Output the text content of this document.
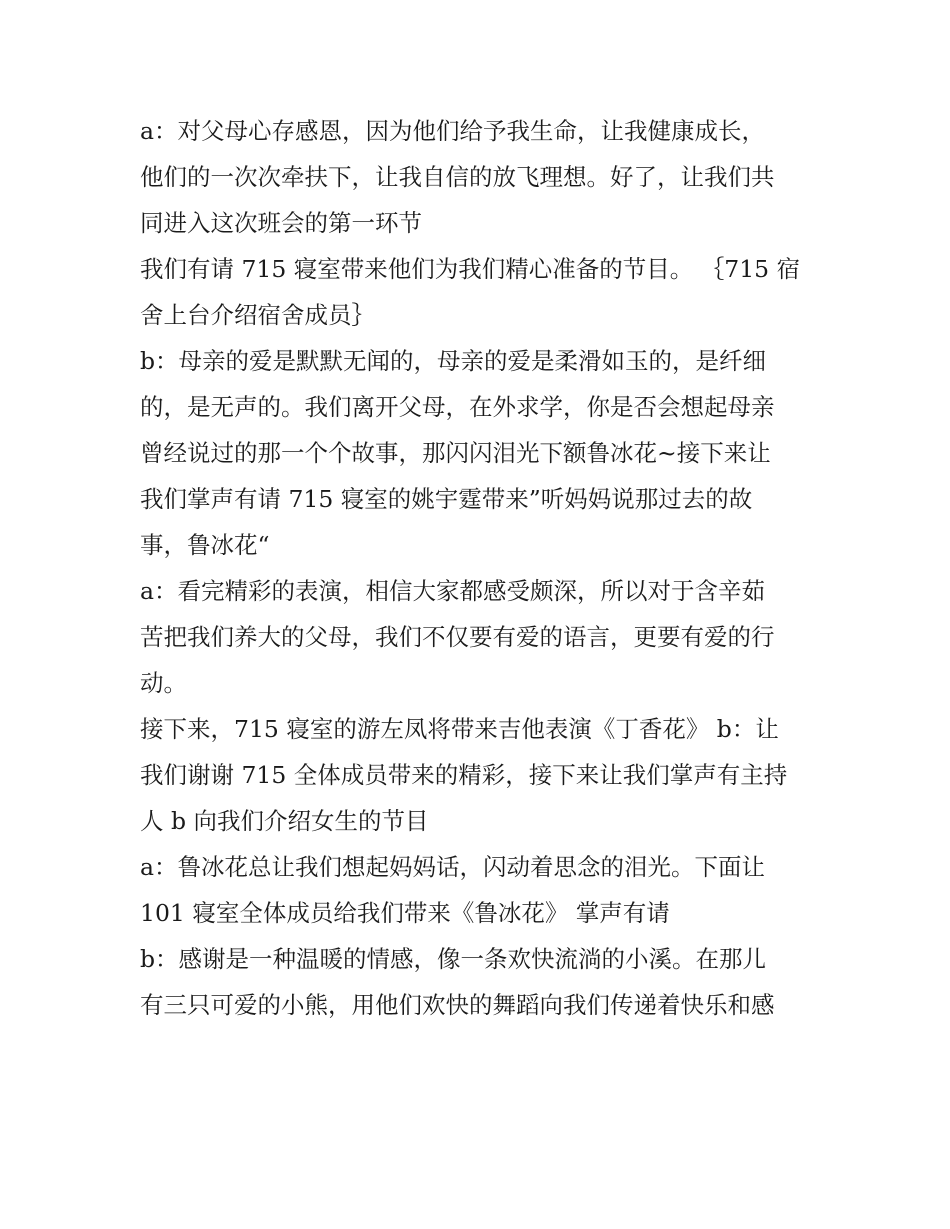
a：对父母心存感恩，因为他们给予我生命，让我健康成长，
他们的一次次牵扶下，让我自信的放飞理想。好了，让我们共
同进入这次班会的第一环节
我们有请 715 寝室带来他们为我们精心准备的节目。 ｛715 宿
舍上台介绍宿舍成员｝
b：母亲的爱是默默无闻的，母亲的爱是柔滑如玉的，是纤细
的，是无声的。我们离开父母，在外求学，你是否会想起母亲
曾经说过的那一个个故事，那闪闪泪光下额鲁冰花~接下来让
我们掌声有请 715 寝室的姚宇霆带来”听妈妈说那过去的故
事，鲁冰花“
a：看完精彩的表演，相信大家都感受颇深，所以对于含辛茹
苦把我们养大的父母，我们不仅要有爱的语言，更要有爱的行
动。
接下来，715 寝室的游左凤将带来吉他表演《丁香花》 b：让
我们谢谢 715 全体成员带来的精彩，接下来让我们掌声有主持
人 b 向我们介绍女生的节目
a：鲁冰花总让我们想起妈妈话，闪动着思念的泪光。下面让
101 寝室全体成员给我们带来《鲁冰花》 掌声有请
b：感谢是一种温暖的情感，像一条欢快流淌的小溪。在那儿
有三只可爱的小熊，用他们欢快的舞蹈向我们传递着快乐和感
